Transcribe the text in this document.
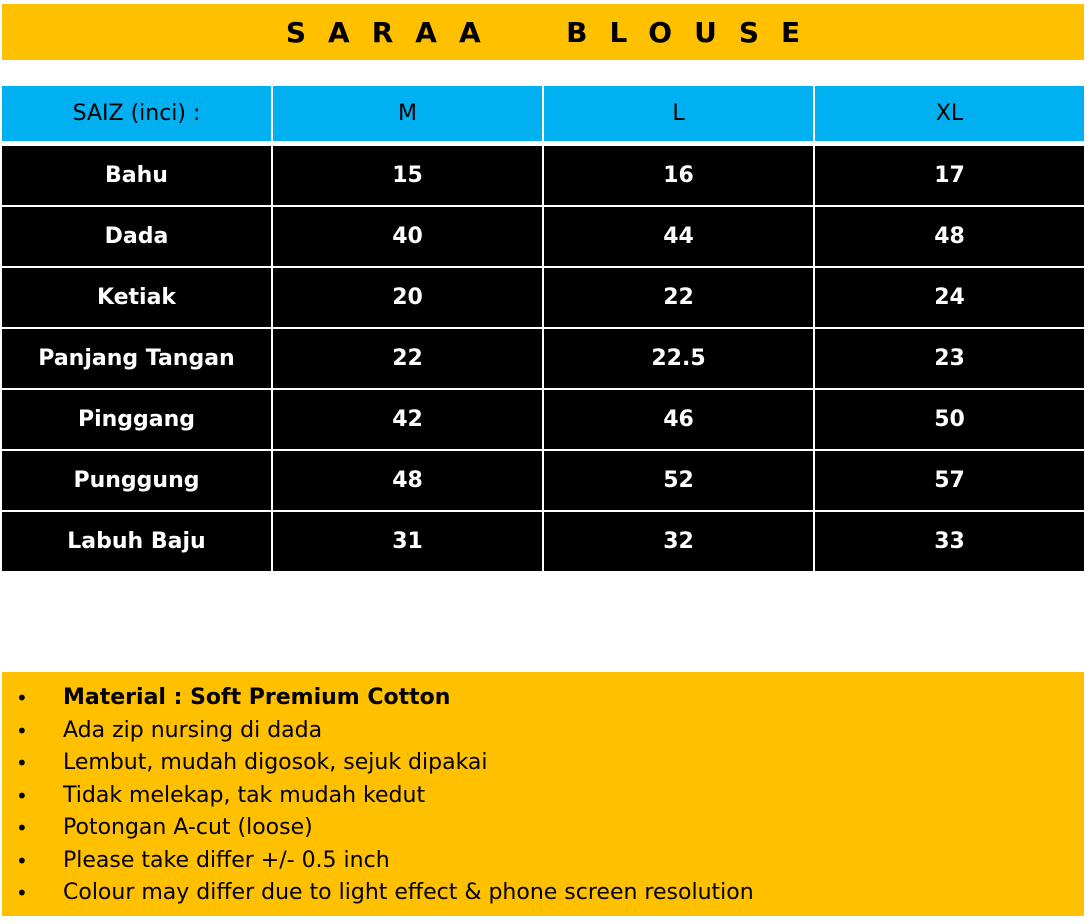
SARAA  BLOUSE
SAIZ (inci) :	M	L	XL
Bahu	15	16	17
Dada	40	44	48
Ketiak	20	22	24
Panjang Tangan	22	22.5	23
Pinggang	42	46	50
Punggung	48	52	57
Labuh Baju	31	32	33
• Material : Soft Premium Cotton
• Ada zip nursing di dada
• Lembut, mudah digosok, sejuk dipakai
• Tidak melekap, tak mudah kedut
• Potongan A-cut (loose)
• Please take differ +/- 0.5 inch
• Colour may differ due to light effect & phone screen resolution
